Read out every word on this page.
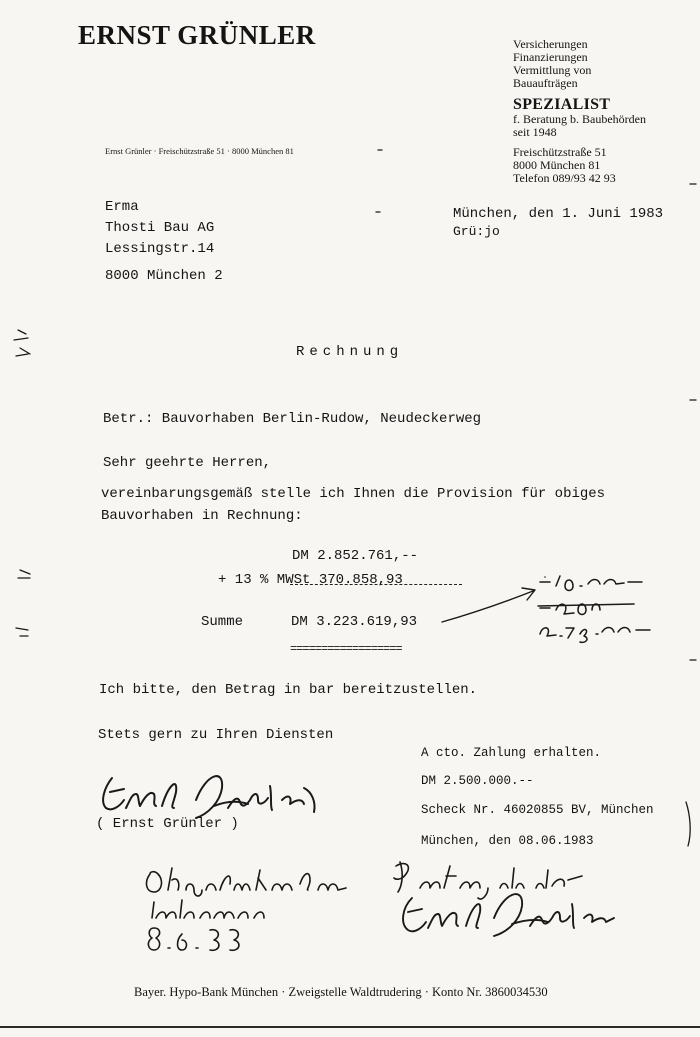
ERNST GRÜNLER	Versicherungen
Finanzierungen
Vermittlung von
Bauaufträgen
SPEZIALIST
f. Beratung b. Baubehörden
seit 1948
Freischützstraße 51
8000 München 81
Telefon 089/93 42 93
Ernst Grünler · Freischützstraße 51 · 8000 München 81
Erma
Thosti Bau AG
Lessingstr.14
8000 München 2
München, den 1. Juni 1983
Grü:jo
Rechnung
Betr.: Bauvorhaben Berlin-Rudow, Neudeckerweg
Sehr geehrte Herren,
vereinbarungsgemäß stelle ich Ihnen die Provision für obiges
Bauvorhaben in Rechnung:
DM 2.852.761,--
+ 13 % MWSt 370.858,93
Summe	DM 3.223.619,93
==================
Ich bitte, den Betrag in bar bereitzustellen.
Stets gern zu Ihren Diensten
( Ernst Grünler )
A cto. Zahlung erhalten.
DM 2.500.000.--
Scheck Nr. 46020855 BV, München
München, den 08.06.1983
Bayer. Hypo-Bank München · Zweigstelle Waldtrudering · Konto Nr. 3860034530
